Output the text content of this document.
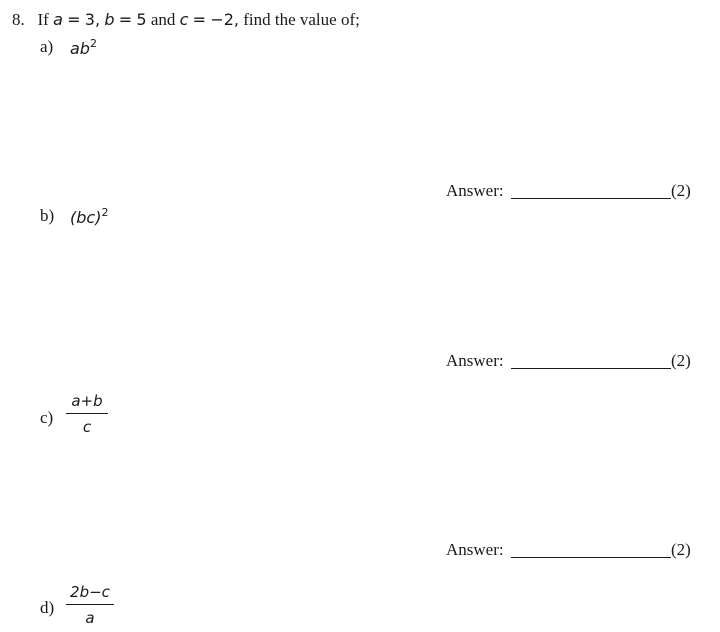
8. If a = 3, b = 5 and c = −2, find the value of;
a) $ab^2$
Answer:	(2)
b) (bc)$^2$
Answer:	(2)
c)
a+b
c
Answer:	(2)
d)
2b−c
a
